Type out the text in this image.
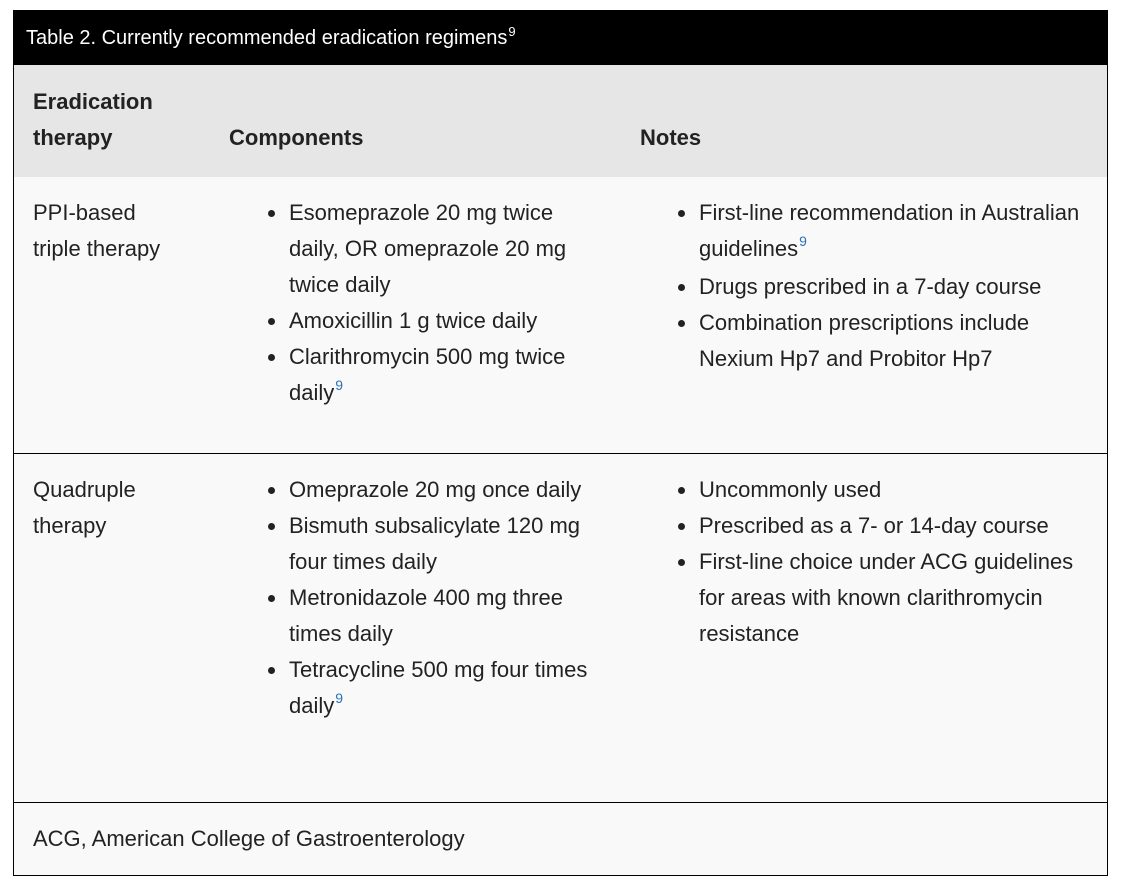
Table 2. Currently recommended eradication regimens$^9$
Eradication therapy	Components	Notes
PPI-based triple therapy
Esomeprazole 20 mg twice daily, OR omeprazole 20 mg twice daily
Amoxicillin 1 g twice daily
Clarithromycin 500 mg twice daily$^9$
First-line recommendation in Australian guidelines$^9$
Drugs prescribed in a 7-day course
Combination prescriptions include Nexium Hp7 and Probitor Hp7
Quadruple therapy
Omeprazole 20 mg once daily
Bismuth subsalicylate 120 mg four times daily
Metronidazole 400 mg three times daily
Tetracycline 500 mg four times daily$^9$
Uncommonly used
Prescribed as a 7- or 14-day course
First-line choice under ACG guidelines for areas with known clarithromycin resistance
ACG, American College of Gastroenterology
